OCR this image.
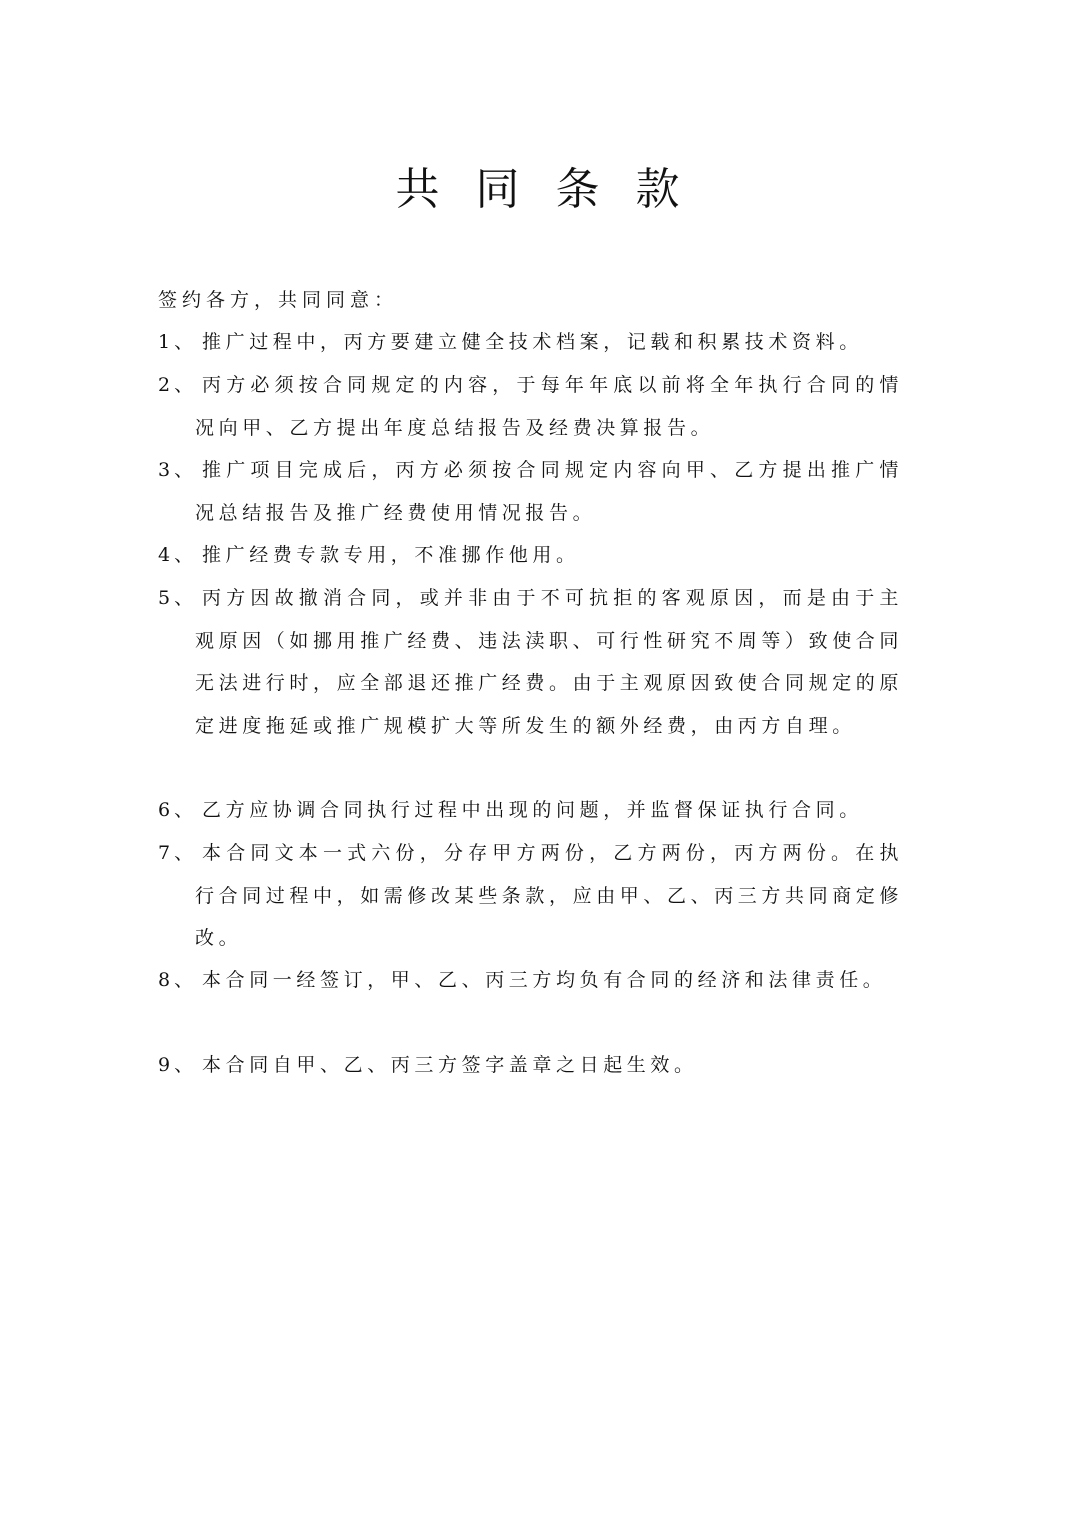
共同条款
签约各方，共同同意：
1、 推广过程中，丙方要建立健全技术档案，记载和积累技术资料。
2、 丙方必须按合同规定的内容，于每年年底以前将全年执行合同的情况向甲、乙方提出年度总结报告及经费决算报告。
3、 推广项目完成后，丙方必须按合同规定内容向甲、乙方提出推广情况总结报告及推广经费使用情况报告。
4、 推广经费专款专用，不准挪作他用。
5、 丙方因故撤消合同，或并非由于不可抗拒的客观原因，而是由于主观原因（如挪用推广经费、违法渎职、可行性研究不周等）致使合同无法进行时，应全部退还推广经费。由于主观原因致使合同规定的原定进度拖延或推广规模扩大等所发生的额外经费，由丙方自理。
6、 乙方应协调合同执行过程中出现的问题，并监督保证执行合同。
7、 本合同文本一式六份，分存甲方两份，乙方两份，丙方两份。在执行合同过程中，如需修改某些条款，应由甲、乙、丙三方共同商定修改。
8、 本合同一经签订，甲、乙、丙三方均负有合同的经济和法律责任。
9、 本合同自甲、乙、丙三方签字盖章之日起生效。
